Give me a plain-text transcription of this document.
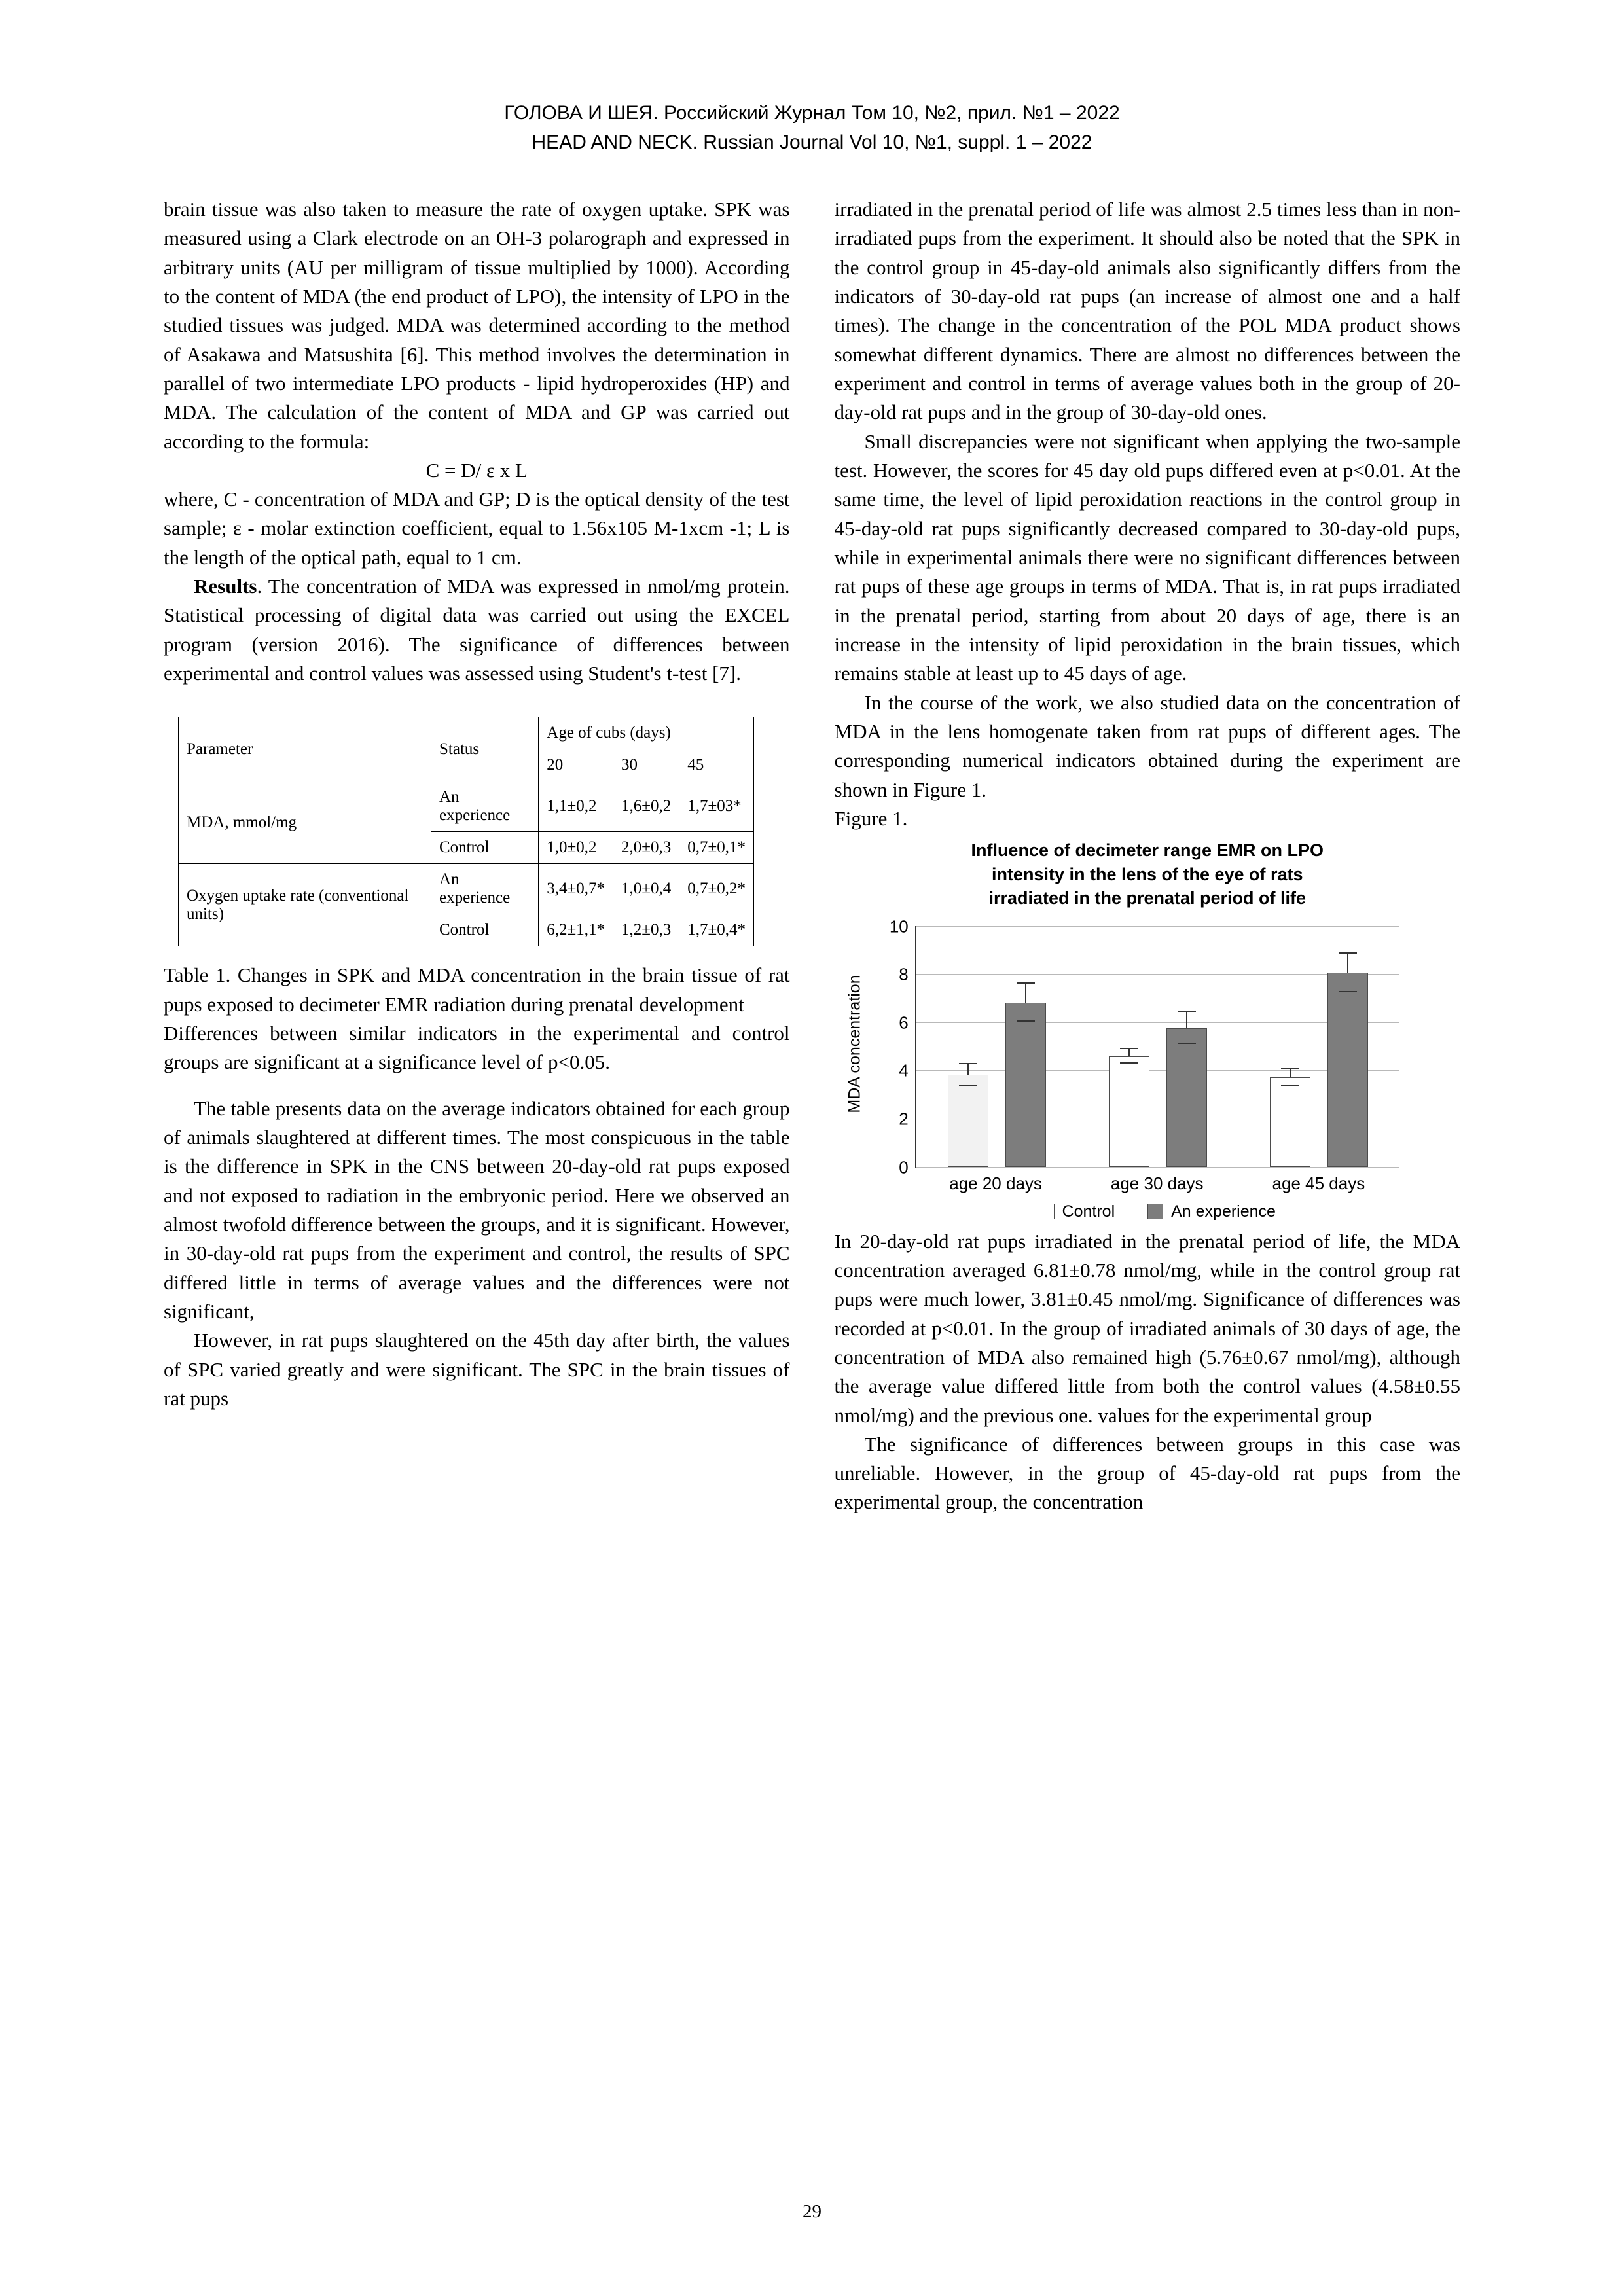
ГОЛОВА И ШЕЯ. Российский Журнал Том 10, №2, прил. №1 – 2022
HEAD AND NECK. Russian Journal Vol 10, №1, suppl. 1 – 2022

brain tissue was also taken to measure the rate of oxygen uptake. SPK was measured using a Clark electrode on an OH-3 polarograph and expressed in arbitrary units (AU per milligram of tissue multiplied by 1000). According to the content of MDA (the end product of LPO), the intensity of LPO in the studied tissues was judged. MDA was determined according to the method of Asakawa and Matsushita [6]. This method involves the determination in parallel of two intermediate LPO products - lipid hydroperoxides (HP) and MDA. The calculation of the content of MDA and GP was carried out according to the formula:

C = D/ ε x L

where, C - concentration of MDA and GP; D is the optical density of the test sample; ε - molar extinction coefficient, equal to 1.56x105 M-1xcm -1; L is the length of the optical path, equal to 1 cm.

Results. The concentration of MDA was expressed in nmol/mg protein. Statistical processing of digital data was carried out using the EXCEL program (version 2016). The significance of differences between experimental and control values was assessed using Student's t-test [7].

Parameter	Status	Age of cubs (days)		
		20	30	45
MDA, mmol/mg	An experience	1,1±0,2	1,6±0,2	1,7±03*
	Control	1,0±0,2	2,0±0,3	0,7±0,1*
Oxygen uptake rate (conventional units)	An experience	3,4±0,7*	1,0±0,4	0,7±0,2*
	Control	6,2±1,1*	1,2±0,3	1,7±0,4*

Table 1. Changes in SPK and MDA concentration in the brain tissue of rat pups exposed to decimeter EMR radiation during prenatal development

Differences between similar indicators in the experimental and control groups are significant at a significance level of p<0.05.

The table presents data on the average indicators obtained for each group of animals slaughtered at different times. The most conspicuous in the table is the difference in SPK in the CNS between 20-day-old rat pups exposed and not exposed to radiation in the embryonic period. Here we observed an almost twofold difference between the groups, and it is significant. However, in 30-day-old rat pups from the experiment and control, the results of SPC differed little in terms of average values and the differences were not significant,

However, in rat pups slaughtered on the 45th day after birth, the values of SPC varied greatly and were significant. The SPC in the brain tissues of rat pups

irradiated in the prenatal period of life was almost 2.5 times less than in non-irradiated pups from the experiment. It should also be noted that the SPK in the control group in 45-day-old animals also significantly differs from the indicators of 30-day-old rat pups (an increase of almost one and a half times). The change in the concentration of the POL MDA product shows somewhat different dynamics. There are almost no differences between the experiment and control in terms of average values both in the group of 20-day-old rat pups and in the group of 30-day-old ones.

Small discrepancies were not significant when applying the two-sample test. However, the scores for 45 day old pups differed even at p<0.01. At the same time, the level of lipid peroxidation reactions in the control group in 45-day-old rat pups significantly decreased compared to 30-day-old pups, while in experimental animals there were no significant differences between rat pups of these age groups in terms of MDA. That is, in rat pups irradiated in the prenatal period, starting from about 20 days of age, there is an increase in the intensity of lipid peroxidation in the brain tissues, which remains stable at least up to 45 days of age.

In the course of the work, we also studied data on the concentration of MDA in the lens homogenate taken from rat pups of different ages. The corresponding numerical indicators obtained during the experiment are shown in Figure 1.

Figure 1.

Influence of decimeter range EMR on LPO
intensity in the lens of the eye of rats
irradiated in the prenatal period of life
MDA concentration
10
8
6
4
2
0
age 20 days	age 30 days	age 45 days
Control	An experience

In 20-day-old rat pups irradiated in the prenatal period of life, the MDA concentration averaged 6.81±0.78 nmol/mg, while in the control group rat pups were much lower, 3.81±0.45 nmol/mg. Significance of differences was recorded at p<0.01. In the group of irradiated animals of 30 days of age, the concentration of MDA also remained high (5.76±0.67 nmol/mg), although the average value differed little from both the control values (4.58±0.55 nmol/mg) and the previous one. values for the experimental group

The significance of differences between groups in this case was unreliable. However, in the group of 45-day-old rat pups from the experimental group, the concentration

29
